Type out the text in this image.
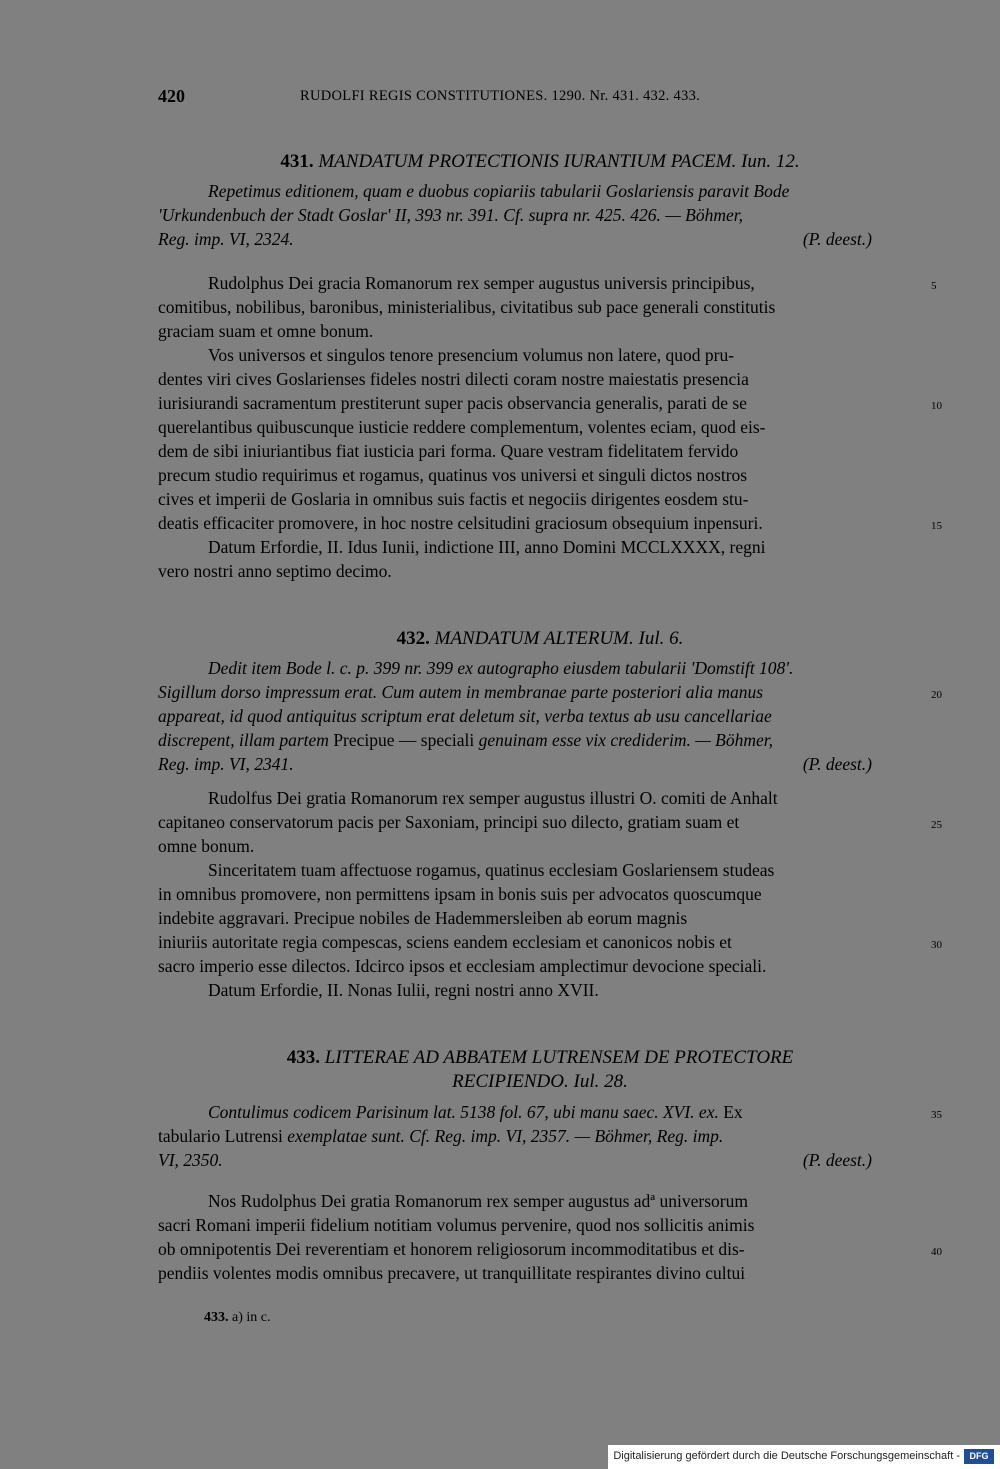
420	RUDOLFI REGIS CONSTITUTIONES. 1290. Nr. 431. 432. 433.
431. MANDATUM PROTECTIONIS IURANTIUM PACEM. Iun. 12.
Repetimus editionem, quam e duobus copiariis tabularii Goslariensis paravit Bode
'Urkundenbuch der Stadt Goslar' II, 393 nr. 391. Cf. supra nr. 425. 426. — Böhmer,
Reg. imp. VI, 2324.	(P. deest.)
Rudolphus Dei gracia Romanorum rex semper augustus universis principibus,
comitibus, nobilibus, baronibus, ministerialibus, civitatibus sub pace generali constitutis
graciam suam et omne bonum.
Vos universos et singulos tenore presencium volumus non latere, quod pru-
dentes viri cives Goslarienses fideles nostri dilecti coram nostre maiestatis presencia
iurisiurandi sacramentum prestiterunt super pacis observancia generalis, parati de se
querelantibus quibuscunque iusticie reddere complementum, volentes eciam, quod eis-
dem de sibi iniuriantibus fiat iusticia pari forma. Quare vestram fidelitatem fervido
precum studio requirimus et rogamus, quatinus vos universi et singuli dictos nostros
cives et imperii de Goslaria in omnibus suis factis et negociis dirigentes eosdem stu-
deatis efficaciter promovere, in hoc nostre celsitudini graciosum obsequium inpensuri.
Datum Erfordie, II. Idus Iunii, indictione III, anno Domini MCCLXXXX, regni
vero nostri anno septimo decimo.
432. MANDATUM ALTERUM. Iul. 6.
Dedit item Bode l. c. p. 399 nr. 399 ex autographo eiusdem tabularii 'Domstift 108'.
Sigillum dorso impressum erat. Cum autem in membranae parte posteriori alia manus
appareat, id quod antiquitus scriptum erat deletum sit, verba textus ab usu cancellariae
discrepent, illam partem Precipue — speciali genuinam esse vix crediderim. — Böhmer,
Reg. imp. VI, 2341.	(P. deest.)
Rudolfus Dei gratia Romanorum rex semper augustus illustri O. comiti de Anhalt
capitaneo conservatorum pacis per Saxoniam, principi suo dilecto, gratiam suam et
omne bonum.
Sinceritatem tuam affectuose rogamus, quatinus ecclesiam Goslariensem studeas
in omnibus promovere, non permittens ipsam in bonis suis per advocatos quoscumque
indebite aggravari. Precipue nobiles de Hademmersleiben ab eorum magnis
iniuriis autoritate regia compescas, sciens eandem ecclesiam et canonicos nobis et
sacro imperio esse dilectos. Idcirco ipsos et ecclesiam amplectimur devocione speciali.
Datum Erfordie, II. Nonas Iulii, regni nostri anno XVII.
433. LITTERAE AD ABBATEM LUTRENSEM DE PROTECTORE
RECIPIENDO. Iul. 28.
Contulimus codicem Parisinum lat. 5138 fol. 67, ubi manu saec. XVI. ex. Ex
tabulario Lutrensi exemplatae sunt. Cf. Reg. imp. VI, 2357. — Böhmer, Reg. imp.
VI, 2350.	(P. deest.)
Nos Rudolphus Dei gratia Romanorum rex semper augustus adª universorum
sacri Romani imperii fidelium notitiam volumus pervenire, quod nos sollicitis animis
ob omnipotentis Dei reverentiam et honorem religiosorum incommoditatibus et dis-
pendiis volentes modis omnibus precavere, ut tranquillitate respirantes divino cultui
433. a) in c.
5
10
15
20
25
30
35
40
Digitalisierung gefördert durch die Deutsche Forschungsgemeinschaft -	DFG
